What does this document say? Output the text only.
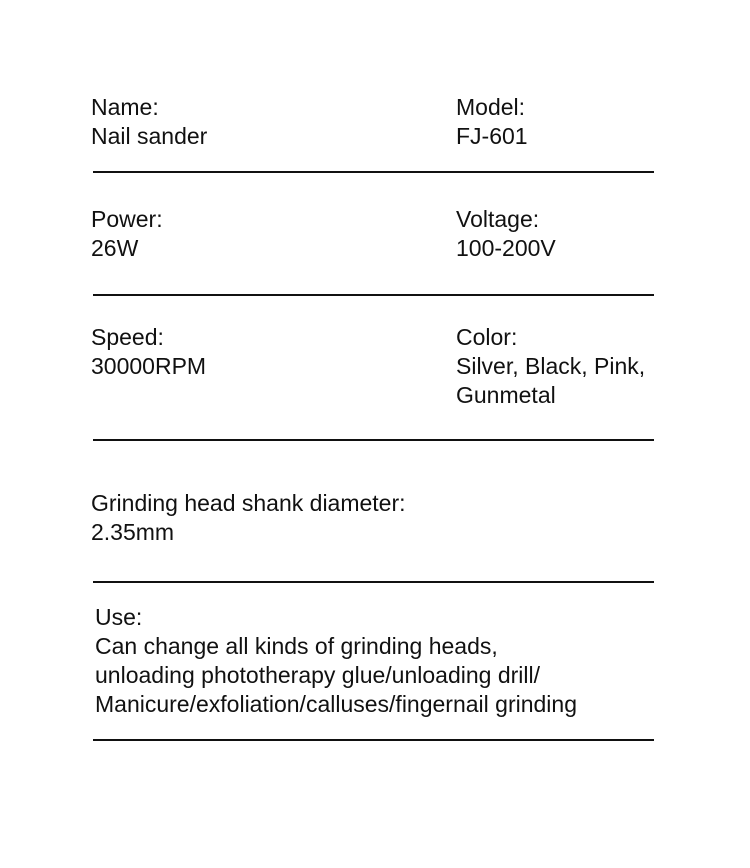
Name:
Nail sander
Model:
FJ-601
Power:
26W
Voltage:
100-200V
Speed:
30000RPM
Color:
Silver, Black, Pink,
Gunmetal
Grinding head shank diameter:
2.35mm
Use:
Can change all kinds of grinding heads,
unloading phototherapy glue/unloading drill/
Manicure/exfoliation/calluses/fingernail grinding
